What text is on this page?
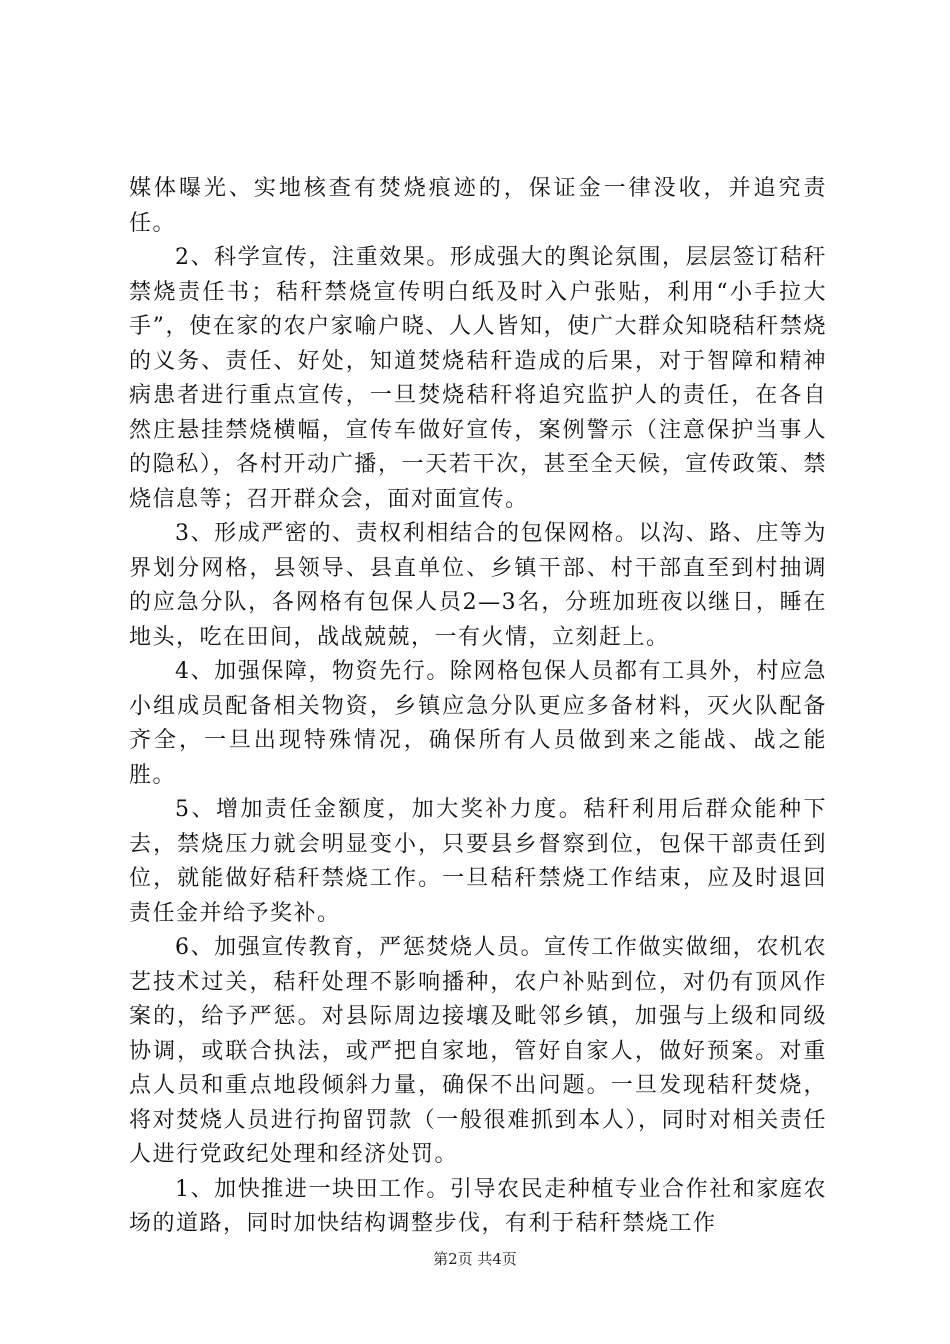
媒体曝光、实地核查有焚烧痕迹的，保证金一律没收，并追究责任。

2、科学宣传，注重效果。形成强大的舆论氛围，层层签订秸秆禁烧责任书；秸秆禁烧宣传明白纸及时入户张贴，利用“小手拉大手”，使在家的农户家喻户晓、人人皆知，使广大群众知晓秸秆禁烧的义务、责任、好处，知道焚烧秸秆造成的后果，对于智障和精神病患者进行重点宣传，一旦焚烧秸秆将追究监护人的责任，在各自然庄悬挂禁烧横幅，宣传车做好宣传，案例警示（注意保护当事人的隐私），各村开动广播，一天若干次，甚至全天候，宣传政策、禁烧信息等；召开群众会，面对面宣传。

3、形成严密的、责权利相结合的包保网格。以沟、路、庄等为界划分网格，县领导、县直单位、乡镇干部、村干部直至到村抽调的应急分队，各网格有包保人员2—3名，分班加班夜以继日，睡在地头，吃在田间，战战兢兢，一有火情，立刻赶上。

4、加强保障，物资先行。除网格包保人员都有工具外，村应急小组成员配备相关物资，乡镇应急分队更应多备材料，灭火队配备齐全，一旦出现特殊情况，确保所有人员做到来之能战、战之能胜。

5、增加责任金额度，加大奖补力度。秸秆利用后群众能种下去，禁烧压力就会明显变小，只要县乡督察到位，包保干部责任到位，就能做好秸秆禁烧工作。一旦秸秆禁烧工作结束，应及时退回责任金并给予奖补。

6、加强宣传教育，严惩焚烧人员。宣传工作做实做细，农机农艺技术过关，秸秆处理不影响播种，农户补贴到位，对仍有顶风作案的，给予严惩。对县际周边接壤及毗邻乡镇，加强与上级和同级协调，或联合执法，或严把自家地，管好自家人，做好预案。对重点人员和重点地段倾斜力量，确保不出问题。一旦发现秸秆焚烧，将对焚烧人员进行拘留罚款（一般很难抓到本人），同时对相关责任人进行党政纪处理和经济处罚。

1、加快推进一块田工作。引导农民走种植专业合作社和家庭农场的道路，同时加快结构调整步伐，有利于秸秆禁烧工作

第2页 共4页
